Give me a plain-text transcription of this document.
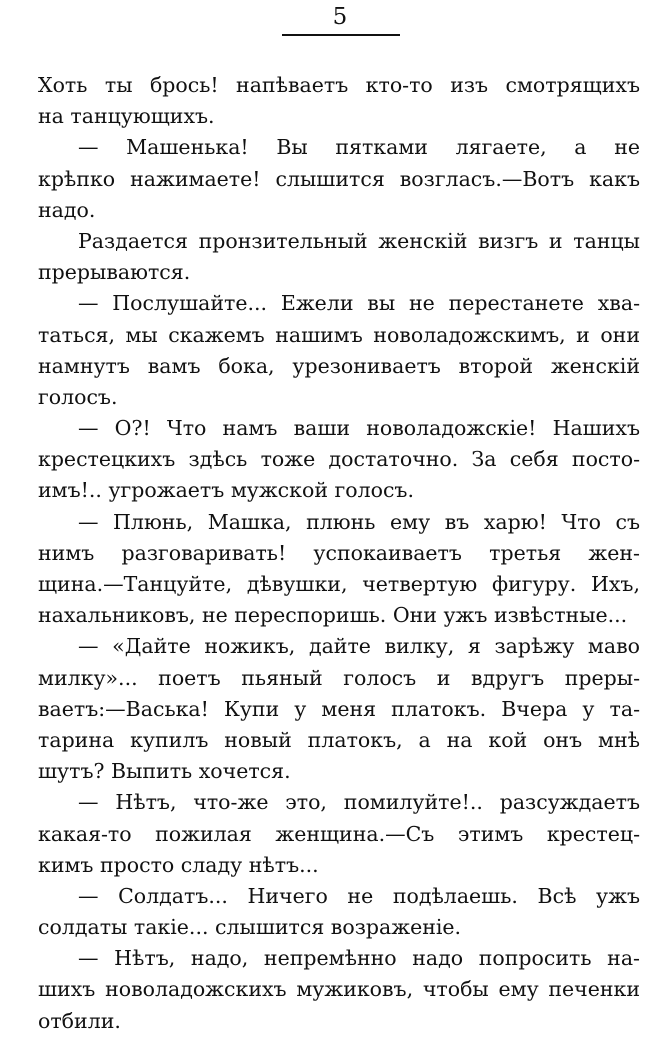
5
Хоть ты брось! напѣваетъ кто-то изъ смотрящихъ
на танцующихъ.
— Машенька! Вы пятками лягаете, а не
крѣпко нажимаете! слышится возгласъ.—Вотъ какъ
надо.
Раздается пронзительный женскій визгъ и танцы
прерываются.
— Послушайте... Ежели вы не перестанете хва-
таться, мы скажемъ нашимъ новоладожскимъ, и они
намнутъ вамъ бока, урезониваетъ второй женскій
голосъ.
— О?! Что намъ ваши новоладожскіе! Нашихъ
крестецкихъ здѣсь тоже достаточно. За себя посто-
имъ!.. угрожаетъ мужской голосъ.
— Плюнь, Машка, плюнь ему въ харю! Что съ
нимъ разговаривать! успокаиваетъ третья жен-
щина.—Танцуйте, дѣвушки, четвертую фигуру. Ихъ,
нахальниковъ, не переспоришь. Они ужъ извѣстные...
— «Дайте ножикъ, дайте вилку, я зарѣжу маво
милку»... поетъ пьяный голосъ и вдругъ преры-
ваетъ:—Васька! Купи у меня платокъ. Вчера у та-
тарина купилъ новый платокъ, а на кой онъ мнѣ
шутъ? Выпить хочется.
— Нѣтъ, что-же это, помилуйте!.. разсуждаетъ
какая-то пожилая женщина.—Съ этимъ крестец-
кимъ просто сладу нѣтъ...
— Солдатъ... Ничего не подѣлаешь. Всѣ ужъ
солдаты такіе... слышится возраженіе.
— Нѣтъ, надо, непремѣнно надо попросить на-
шихъ новоладожскихъ мужиковъ, чтобы ему печенки
отбили.
